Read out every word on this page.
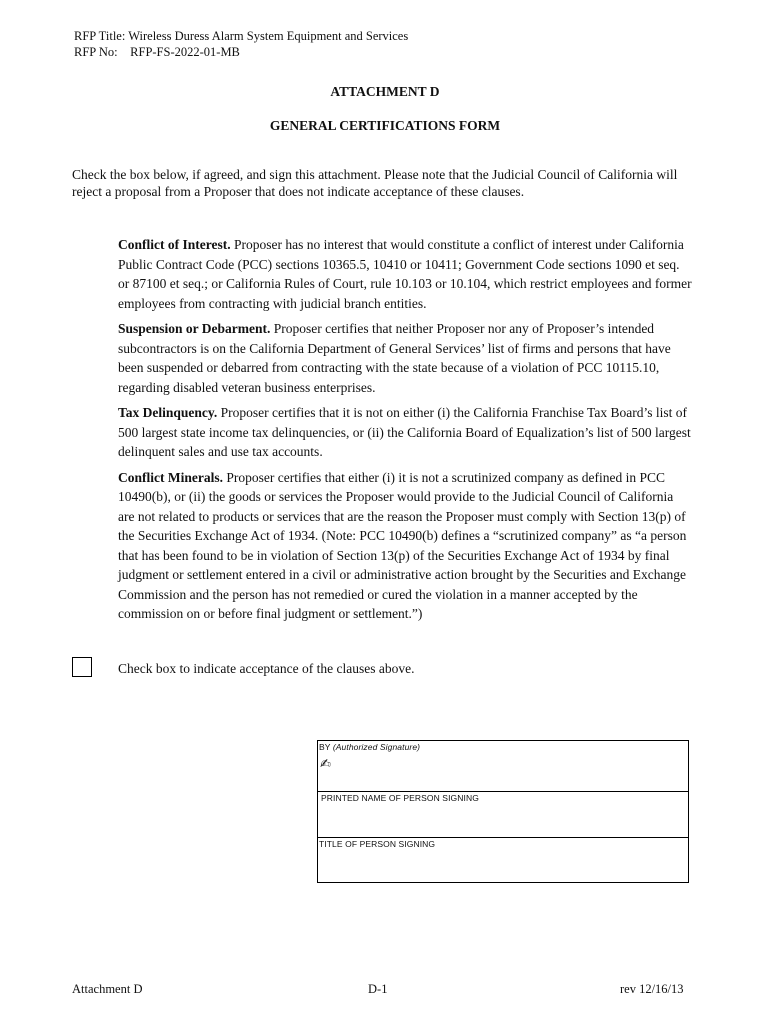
RFP Title: Wireless Duress Alarm System Equipment and Services
RFP No:    RFP-FS-2022-01-MB
ATTACHMENT D
GENERAL CERTIFICATIONS FORM
Check the box below, if agreed, and sign this attachment. Please note that the Judicial Council of California will reject a proposal from a Proposer that does not indicate acceptance of these clauses.

Conflict of Interest. Proposer has no interest that would constitute a conflict of interest under California Public Contract Code (PCC) sections 10365.5, 10410 or 10411; Government Code sections 1090 et seq. or 87100 et seq.; or California Rules of Court, rule 10.103 or 10.104, which restrict employees and former employees from contracting with judicial branch entities.

Suspension or Debarment. Proposer certifies that neither Proposer nor any of Proposer’s intended subcontractors is on the California Department of General Services’ list of firms and persons that have been suspended or debarred from contracting with the state because of a violation of PCC 10115.10, regarding disabled veteran business enterprises.

Tax Delinquency. Proposer certifies that it is not on either (i) the California Franchise Tax Board’s list of 500 largest state income tax delinquencies, or (ii) the California Board of Equalization’s list of 500 largest delinquent sales and use tax accounts.

Conflict Minerals. Proposer certifies that either (i) it is not a scrutinized company as defined in PCC 10490(b), or (ii) the goods or services the Proposer would provide to the Judicial Council of California are not related to products or services that are the reason the Proposer must comply with Section 13(p) of the Securities Exchange Act of 1934. (Note: PCC 10490(b) defines a “scrutinized company” as “a person that has been found to be in violation of Section 13(p) of the Securities Exchange Act of 1934 by final judgment or settlement entered in a civil or administrative action brought by the Securities and Exchange Commission and the person has not remedied or cured the violation in a manner accepted by the commission on or before final judgment or settlement.”)

Check box to indicate acceptance of the clauses above.
BY (Authorized Signature)
✍
PRINTED NAME OF PERSON SIGNING
TITLE OF PERSON SIGNING
Attachment D	D-1	rev 12/16/13
